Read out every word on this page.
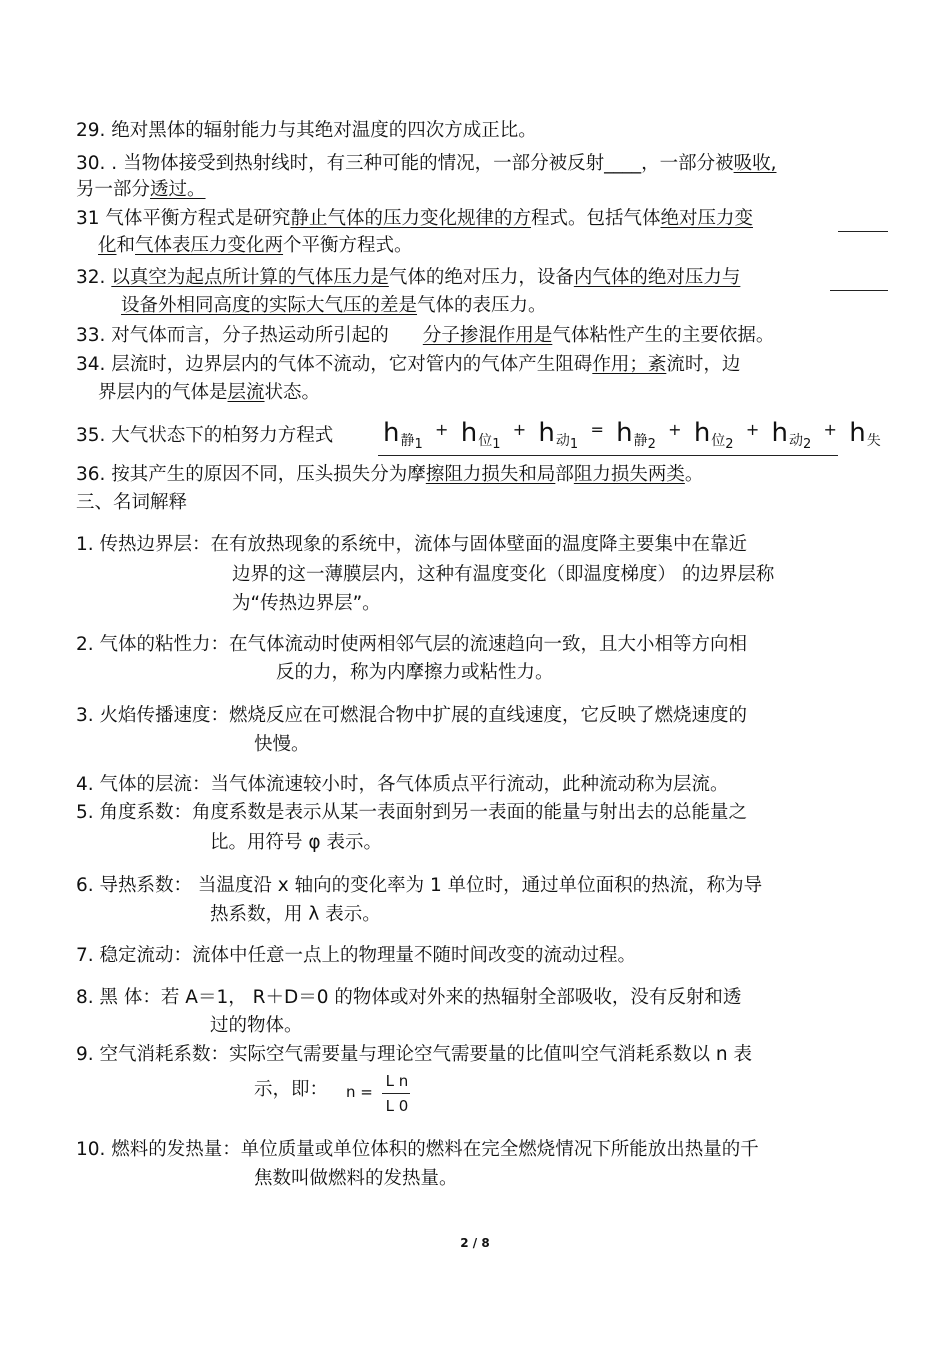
29. 绝对黑体的辐射能力与其绝对温度的四次方成正比。
30. . 当物体接受到热射线时，有三种可能的情况，一部分被反射____，一部分被吸收,
另一部分透过。
31 气体平衡方程式是研究静止气体的压力变化规律的方程式。包括气体绝对压力变
化和气体表压力变化两个平衡方程式。
32. 以真空为起点所计算的气体压力是气体的绝对压力，设备内气体的绝对压力与
设备外相同高度的实际大气压的差是气体的表压力。
33. 对气体而言，分子热运动所引起的 分子掺混作用是气体粘性产生的主要依据。
34. 层流时，边界层内的气体不流动，它对管内的气体产生阻碍作用；紊流时，边
界层内的气体是层流状态。
35. 大气状态下的柏努力方程式 h静$_1$ + h位$_1$ + h动$_1$ = h静$_2$ + h位$_2$ + h动$_2$ + h失
36. 按其产生的原因不同，压头损失分为摩擦阻力损失和局部阻力损失两类。
三、名词解释
1. 传热边界层：在有放热现象的系统中，流体与固体壁面的温度降主要集中在靠近
边界的这一薄膜层内，这种有温度变化（即温度梯度） 的边界层称
为“传热边界层”。
2. 气体的粘性力：在气体流动时使两相邻气层的流速趋向一致，且大小相等方向相
反的力，称为内摩擦力或粘性力。
3. 火焰传播速度：燃烧反应在可燃混合物中扩展的直线速度，它反映了燃烧速度的
快慢。
4. 气体的层流：当气体流速较小时，各气体质点平行流动，此种流动称为层流。
5. 角度系数：角度系数是表示从某一表面射到另一表面的能量与射出去的总能量之
比。用符号 φ 表示。
6. 导热系数： 当温度沿 x 轴向的变化率为 1 单位时，通过单位面积的热流，称为导
热系数，用 λ 表示。
7. 稳定流动：流体中任意一点上的物理量不随时间改变的流动过程。
8. 黑 体：若 A＝1， R＋D＝0 的物体或对外来的热辐射全部吸收，没有反射和透
过的物体。
9. 空气消耗系数：实际空气需要量与理论空气需要量的比值叫空气消耗系数以 n 表
示，即： n =
L n
L 0
10. 燃料的发热量：单位质量或单位体积的燃料在完全燃烧情况下所能放出热量的千
焦数叫做燃料的发热量。
2 / 8
